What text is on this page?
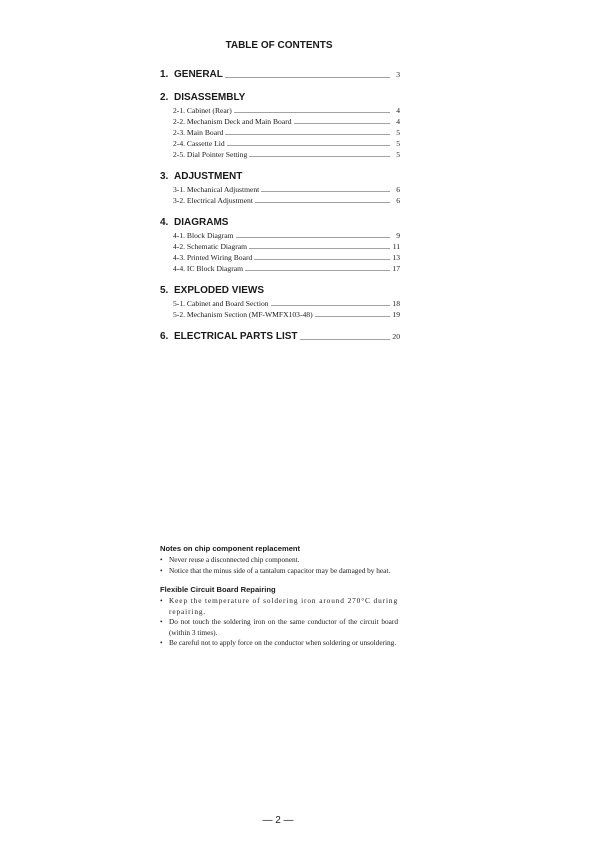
TABLE OF CONTENTS
1. GENERAL	3
2. DISASSEMBLY
2-1. Cabinet (Rear)	4
2-2. Mechanism Deck and Main Board	4
2-3. Main Board	5
2-4. Cassette Lid	5
2-5. Dial Pointer Setting	5
3. ADJUSTMENT
3-1. Mechanical Adjustment	6
3-2. Electrical Adjustment	6
4. DIAGRAMS
4-1. Block Diagram	9
4-2. Schematic Diagram	11
4-3. Printed Wiring Board	13
4-4. IC Block Diagram	17
5. EXPLODED VIEWS
5-1. Cabinet and Board Section	18
5-2. Mechanism Section (MF-WMFX103-48)	19
6. ELECTRICAL PARTS LIST	20
Notes on chip component replacement
• Never reuse a disconnected chip component.
• Notice that the minus side of a tantalum capacitor may be damaged by heat.
Flexible Circuit Board Repairing
• Keep the temperature of soldering iron around 270°C during repairing.
• Do not touch the soldering iron on the same conductor of the circuit board (within 3 times).
• Be careful not to apply force on the conductor when soldering or unsoldering.
— 2 —
